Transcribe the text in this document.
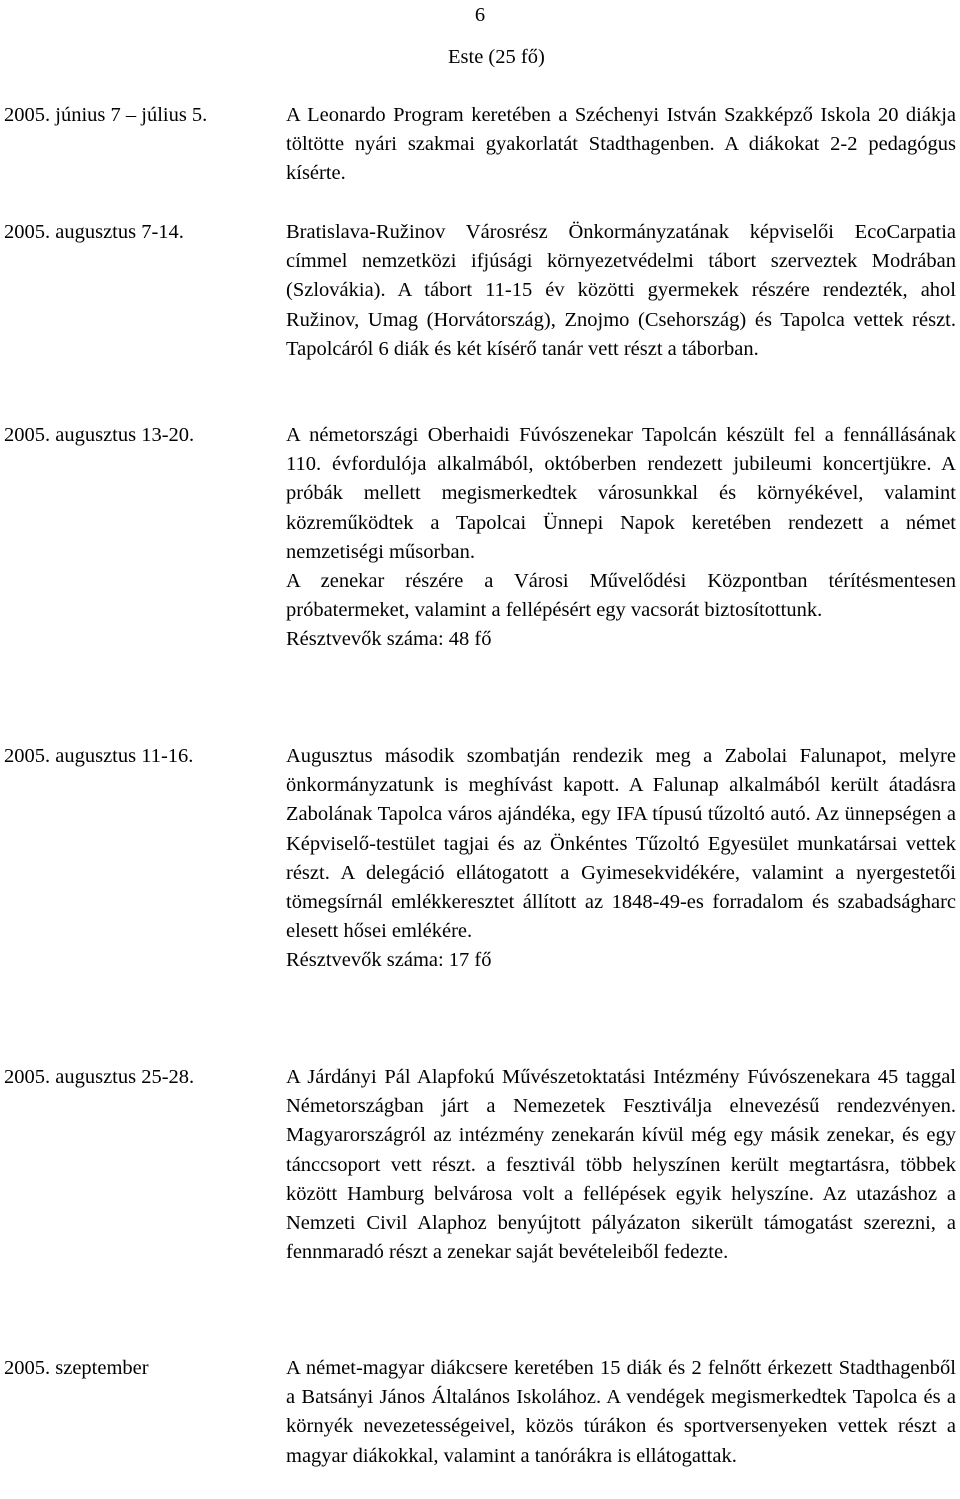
6
Este (25 fő)
2005. június 7 – július 5.	A Leonardo Program keretében a Széchenyi István Szakképző Iskola 20 diákja töltötte nyári szakmai gyakorlatát Stadthagenben. A diákokat 2-2 pedagógus kísérte.

2005. augusztus 7-14.	Bratislava-Ružinov Városrész Önkormányzatának képviselői EcoCarpatia címmel nemzetközi ifjúsági környezetvédelmi tábort szerveztek Modrában (Szlovákia). A tábort 11-15 év közötti gyermekek részére rendezték, ahol Ružinov, Umag (Horvátország), Znojmo (Csehország) és Tapolca vettek részt. Tapolcáról 6 diák és két kísérő tanár vett részt a táborban.

2005. augusztus 13-20.	A németországi Oberhaidi Fúvószenekar Tapolcán készült fel a fennállásának 110. évfordulója alkalmából, októberben rendezett jubileumi koncertjükre. A próbák mellett megismerkedtek városunkkal és környékével, valamint közreműködtek a Tapolcai Ünnepi Napok keretében rendezett a német nemzetiségi műsorban.

A zenekar részére a Városi Művelődési Központban térítésmentesen próbatermeket, valamint a fellépésért egy vacsorát biztosítottunk.

Résztvevők száma: 48 fő

2005. augusztus 11-16.	Augusztus második szombatján rendezik meg a Zabolai Falunapot, melyre önkormányzatunk is meghívást kapott. A Falunap alkalmából került átadásra Zabolának Tapolca város ajándéka, egy IFA típusú tűzoltó autó. Az ünnepségen a Képviselő-testület tagjai és az Önkéntes Tűzoltó Egyesület munkatársai vettek részt. A delegáció ellátogatott a Gyimesekvidékére, valamint a nyergestetői tömegsírnál emlékkeresztet állított az 1848-49-es forradalom és szabadságharc elesett hősei emlékére.

Résztvevők száma: 17 fő

2005. augusztus 25-28.	A Járdányi Pál Alapfokú Művészetoktatási Intézmény Fúvószenekara 45 taggal Németországban járt a Nemezetek Fesztiválja elnevezésű rendezvényen. Magyarországról az intézmény zenekarán kívül még egy másik zenekar, és egy tánccsoport vett részt. a fesztivál több helyszínen került megtartásra, többek között Hamburg belvárosa volt a fellépések egyik helyszíne. Az utazáshoz a Nemzeti Civil Alaphoz benyújtott pályázaton sikerült támogatást szerezni, a fennmaradó részt a zenekar saját bevételeiből fedezte.

2005. szeptember	A német-magyar diákcsere keretében 15 diák és 2 felnőtt érkezett Stadthagenből a Batsányi János Általános Iskolához. A vendégek megismerkedtek Tapolca és a környék nevezetességeivel, közös túrákon és sportversenyeken vettek részt a magyar diákokkal, valamint a tanórákra is ellátogattak.
